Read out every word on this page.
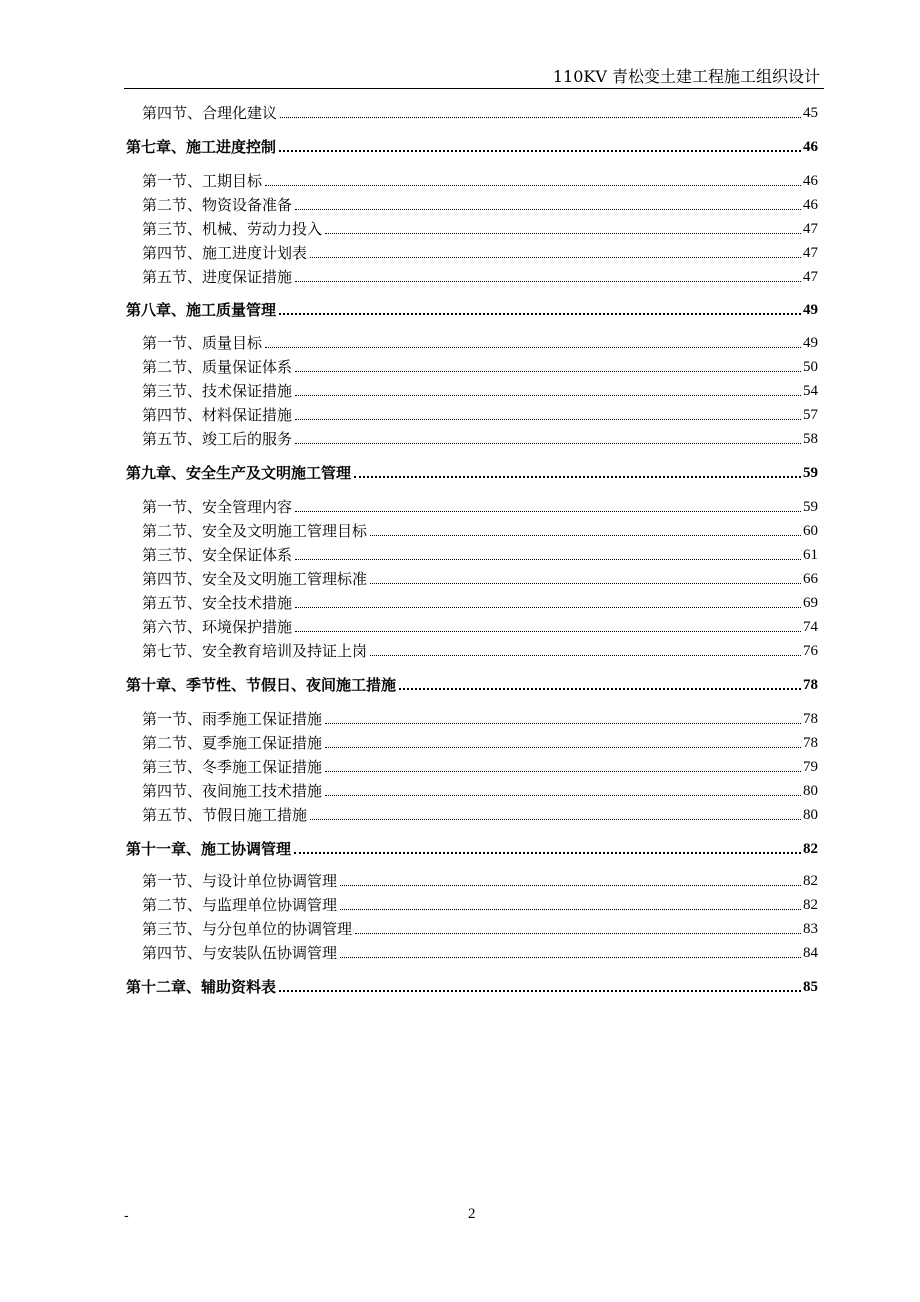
110KV 青松变土建工程施工组织设计
第四节、合理化建议	45
第七章、施工进度控制	46
第一节、工期目标	46
第二节、物资设备准备	46
第三节、机械、劳动力投入	47
第四节、施工进度计划表	47
第五节、进度保证措施	47
第八章、施工质量管理	49
第一节、质量目标	49
第二节、质量保证体系	50
第三节、技术保证措施	54
第四节、材料保证措施	57
第五节、竣工后的服务	58
第九章、安全生产及文明施工管理	59
第一节、安全管理内容	59
第二节、安全及文明施工管理目标	60
第三节、安全保证体系	61
第四节、安全及文明施工管理标准	66
第五节、安全技术措施	69
第六节、环境保护措施	74
第七节、安全教育培训及持证上岗	76
第十章、季节性、节假日、夜间施工措施	78
第一节、雨季施工保证措施	78
第二节、夏季施工保证措施	78
第三节、冬季施工保证措施	79
第四节、夜间施工技术措施	80
第五节、节假日施工措施	80
第十一章、施工协调管理	82
第一节、与设计单位协调管理	82
第二节、与监理单位协调管理	82
第三节、与分包单位的协调管理	83
第四节、与安装队伍协调管理	84
第十二章、辅助资料表	85
-	2
